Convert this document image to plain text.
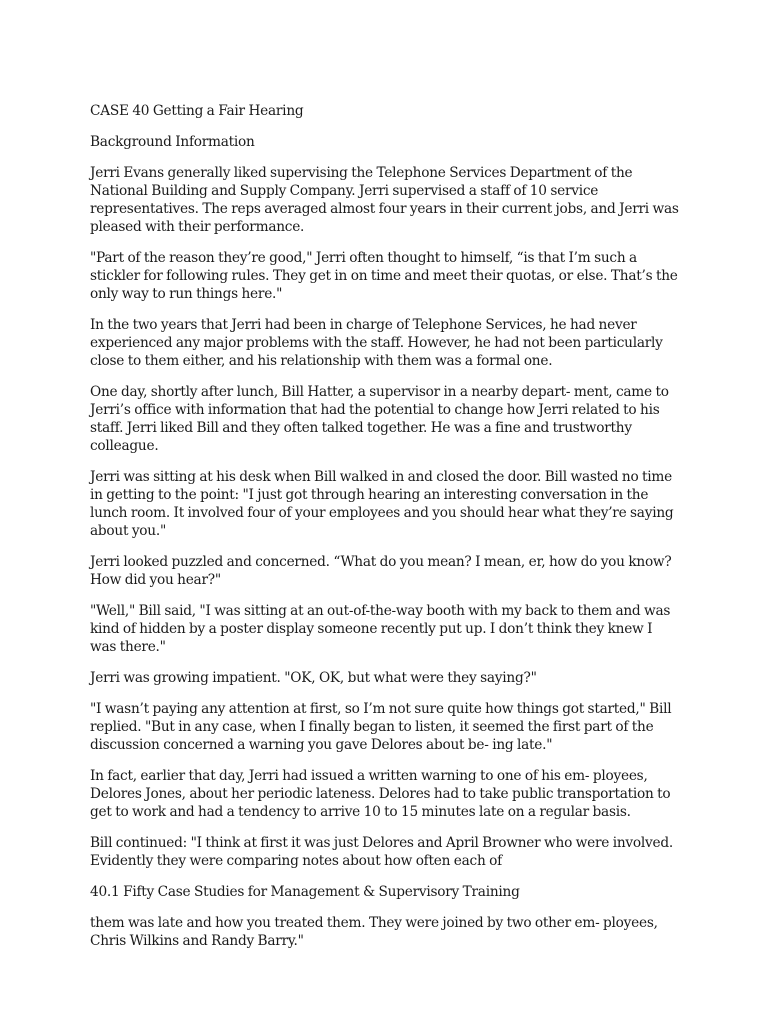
CASE 40 Getting a Fair Hearing

Background Information

Jerri Evans generally liked supervising the Telephone Services Department of the National Building and Supply Company. Jerri supervised a staff of 10 service representatives. The reps averaged almost four years in their current jobs, and Jerri was pleased with their performance.

"Part of the reason they’re good," Jerri often thought to himself, “is that I’m such a stickler for following rules. They get in on time and meet their quotas, or else. That’s the only way to run things here."

In the two years that Jerri had been in charge of Telephone Services, he had never experienced any major problems with the staff. However, he had not been particularly close to them either, and his relationship with them was a formal one.

One day, shortly after lunch, Bill Hatter, a supervisor in a nearby depart- ment, came to Jerri’s office with information that had the potential to change how Jerri related to his staff. Jerri liked Bill and they often talked together. He was a fine and trustworthy colleague.

Jerri was sitting at his desk when Bill walked in and closed the door. Bill wasted no time in getting to the point: "I just got through hearing an interesting conversation in the lunch room. It involved four of your employees and you should hear what they’re saying about you."

Jerri looked puzzled and concerned. “What do you mean? I mean, er, how do you know? How did you hear?"

"Well," Bill said, "I was sitting at an out-of-the-way booth with my back to them and was kind of hidden by a poster display someone recently put up. I don’t think they knew I was there."

Jerri was growing impatient. "OK, OK, but what were they saying?"

"I wasn’t paying any attention at first, so I’m not sure quite how things got started," Bill replied. "But in any case, when I finally began to listen, it seemed the first part of the discussion concerned a warning you gave Delores about be- ing late."

In fact, earlier that day, Jerri had issued a written warning to one of his em- ployees, Delores Jones, about her periodic lateness. Delores had to take public transportation to get to work and had a tendency to arrive 10 to 15 minutes late on a regular basis.

Bill continued: "I think at first it was just Delores and April Browner who were involved. Evidently they were comparing notes about how often each of

40.1 Fifty Case Studies for Management & Supervisory Training

them was late and how you treated them. They were joined by two other em- ployees, Chris Wilkins and Randy Barry."
